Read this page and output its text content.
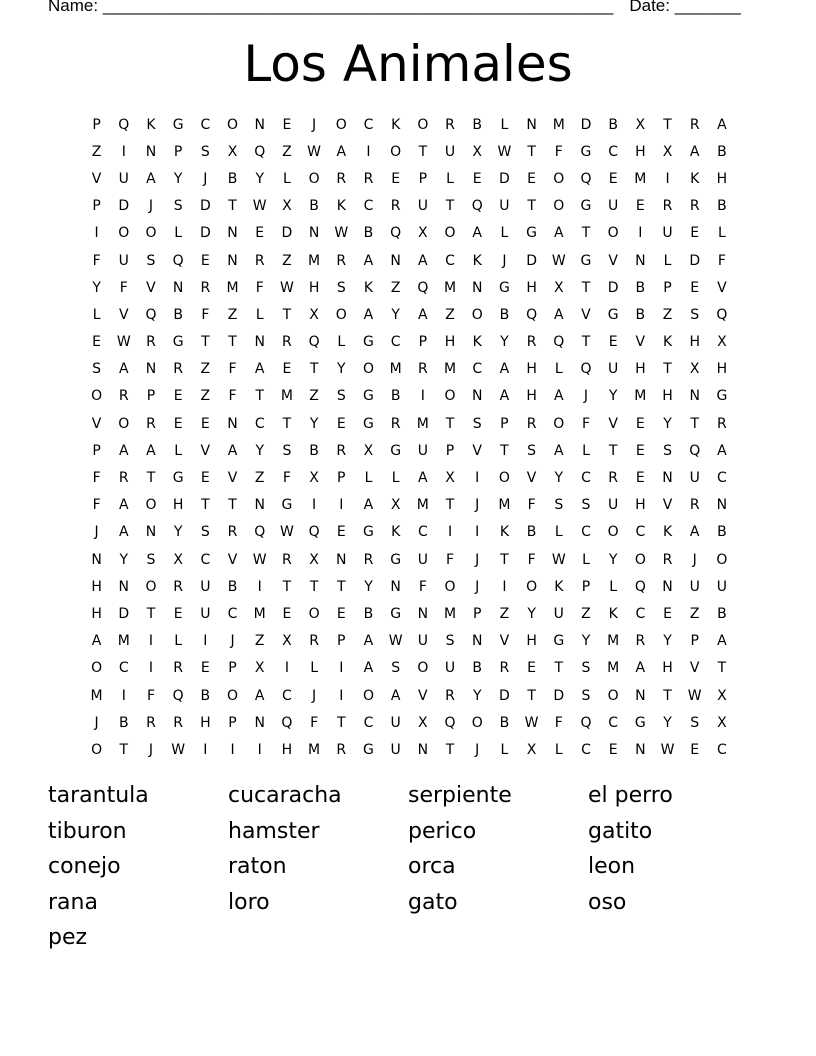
Name: ______________________________________________________ Date: _______
Los Animales
P	Q	K	G	C	O	N	E	J	O	C	K	O	R	B	L	N	M	D	B	X	T	R	A
Z	I	N	P	S	X	Q	Z	W	A	I	O	T	U	X	W	T	F	G	C	H	X	A	B
V	U	A	Y	J	B	Y	L	O	R	R	E	P	L	E	D	E	O	Q	E	M	I	K	H
P	D	J	S	D	T	W	X	B	K	C	R	U	T	Q	U	T	O	G	U	E	R	R	B
I	O	O	L	D	N	E	D	N	W	B	Q	X	O	A	L	G	A	T	O	I	U	E	L
F	U	S	Q	E	N	R	Z	M	R	A	N	A	C	K	J	D	W	G	V	N	L	D	F
Y	F	V	N	R	M	F	W	H	S	K	Z	Q	M	N	G	H	X	T	D	B	P	E	V
L	V	Q	B	F	Z	L	T	X	O	A	Y	A	Z	O	B	Q	A	V	G	B	Z	S	Q
E	W	R	G	T	T	N	R	Q	L	G	C	P	H	K	Y	R	Q	T	E	V	K	H	X
S	A	N	R	Z	F	A	E	T	Y	O	M	R	M	C	A	H	L	Q	U	H	T	X	H
O	R	P	E	Z	F	T	M	Z	S	G	B	I	O	N	A	H	A	J	Y	M	H	N	G
V	O	R	E	E	N	C	T	Y	E	G	R	M	T	S	P	R	O	F	V	E	Y	T	R
P	A	A	L	V	A	Y	S	B	R	X	G	U	P	V	T	S	A	L	T	E	S	Q	A
F	R	T	G	E	V	Z	F	X	P	L	L	A	X	I	O	V	Y	C	R	E	N	U	C
F	A	O	H	T	T	N	G	I	I	A	X	M	T	J	M	F	S	S	U	H	V	R	N
J	A	N	Y	S	R	Q	W	Q	E	G	K	C	I	I	K	B	L	C	O	C	K	A	B
N	Y	S	X	C	V	W	R	X	N	R	G	U	F	J	T	F	W	L	Y	O	R	J	O
H	N	O	R	U	B	I	T	T	T	Y	N	F	O	J	I	O	K	P	L	Q	N	U	U
H	D	T	E	U	C	M	E	O	E	B	G	N	M	P	Z	Y	U	Z	K	C	E	Z	B
A	M	I	L	I	J	Z	X	R	P	A	W	U	S	N	V	H	G	Y	M	R	Y	P	A
O	C	I	R	E	P	X	I	L	I	A	S	O	U	B	R	E	T	S	M	A	H	V	T
M	I	F	Q	B	O	A	C	J	I	O	A	V	R	Y	D	T	D	S	O	N	T	W	X
J	B	R	R	H	P	N	Q	F	T	C	U	X	Q	O	B	W	F	Q	C	G	Y	S	X
O	T	J	W	I	I	I	H	M	R	G	U	N	T	J	L	X	L	C	E	N	W	E	C
tarantula	cucaracha	serpiente	el perro
tiburon	hamster	perico	gatito
conejo	raton	orca	leon
rana	loro	gato	oso
pez
